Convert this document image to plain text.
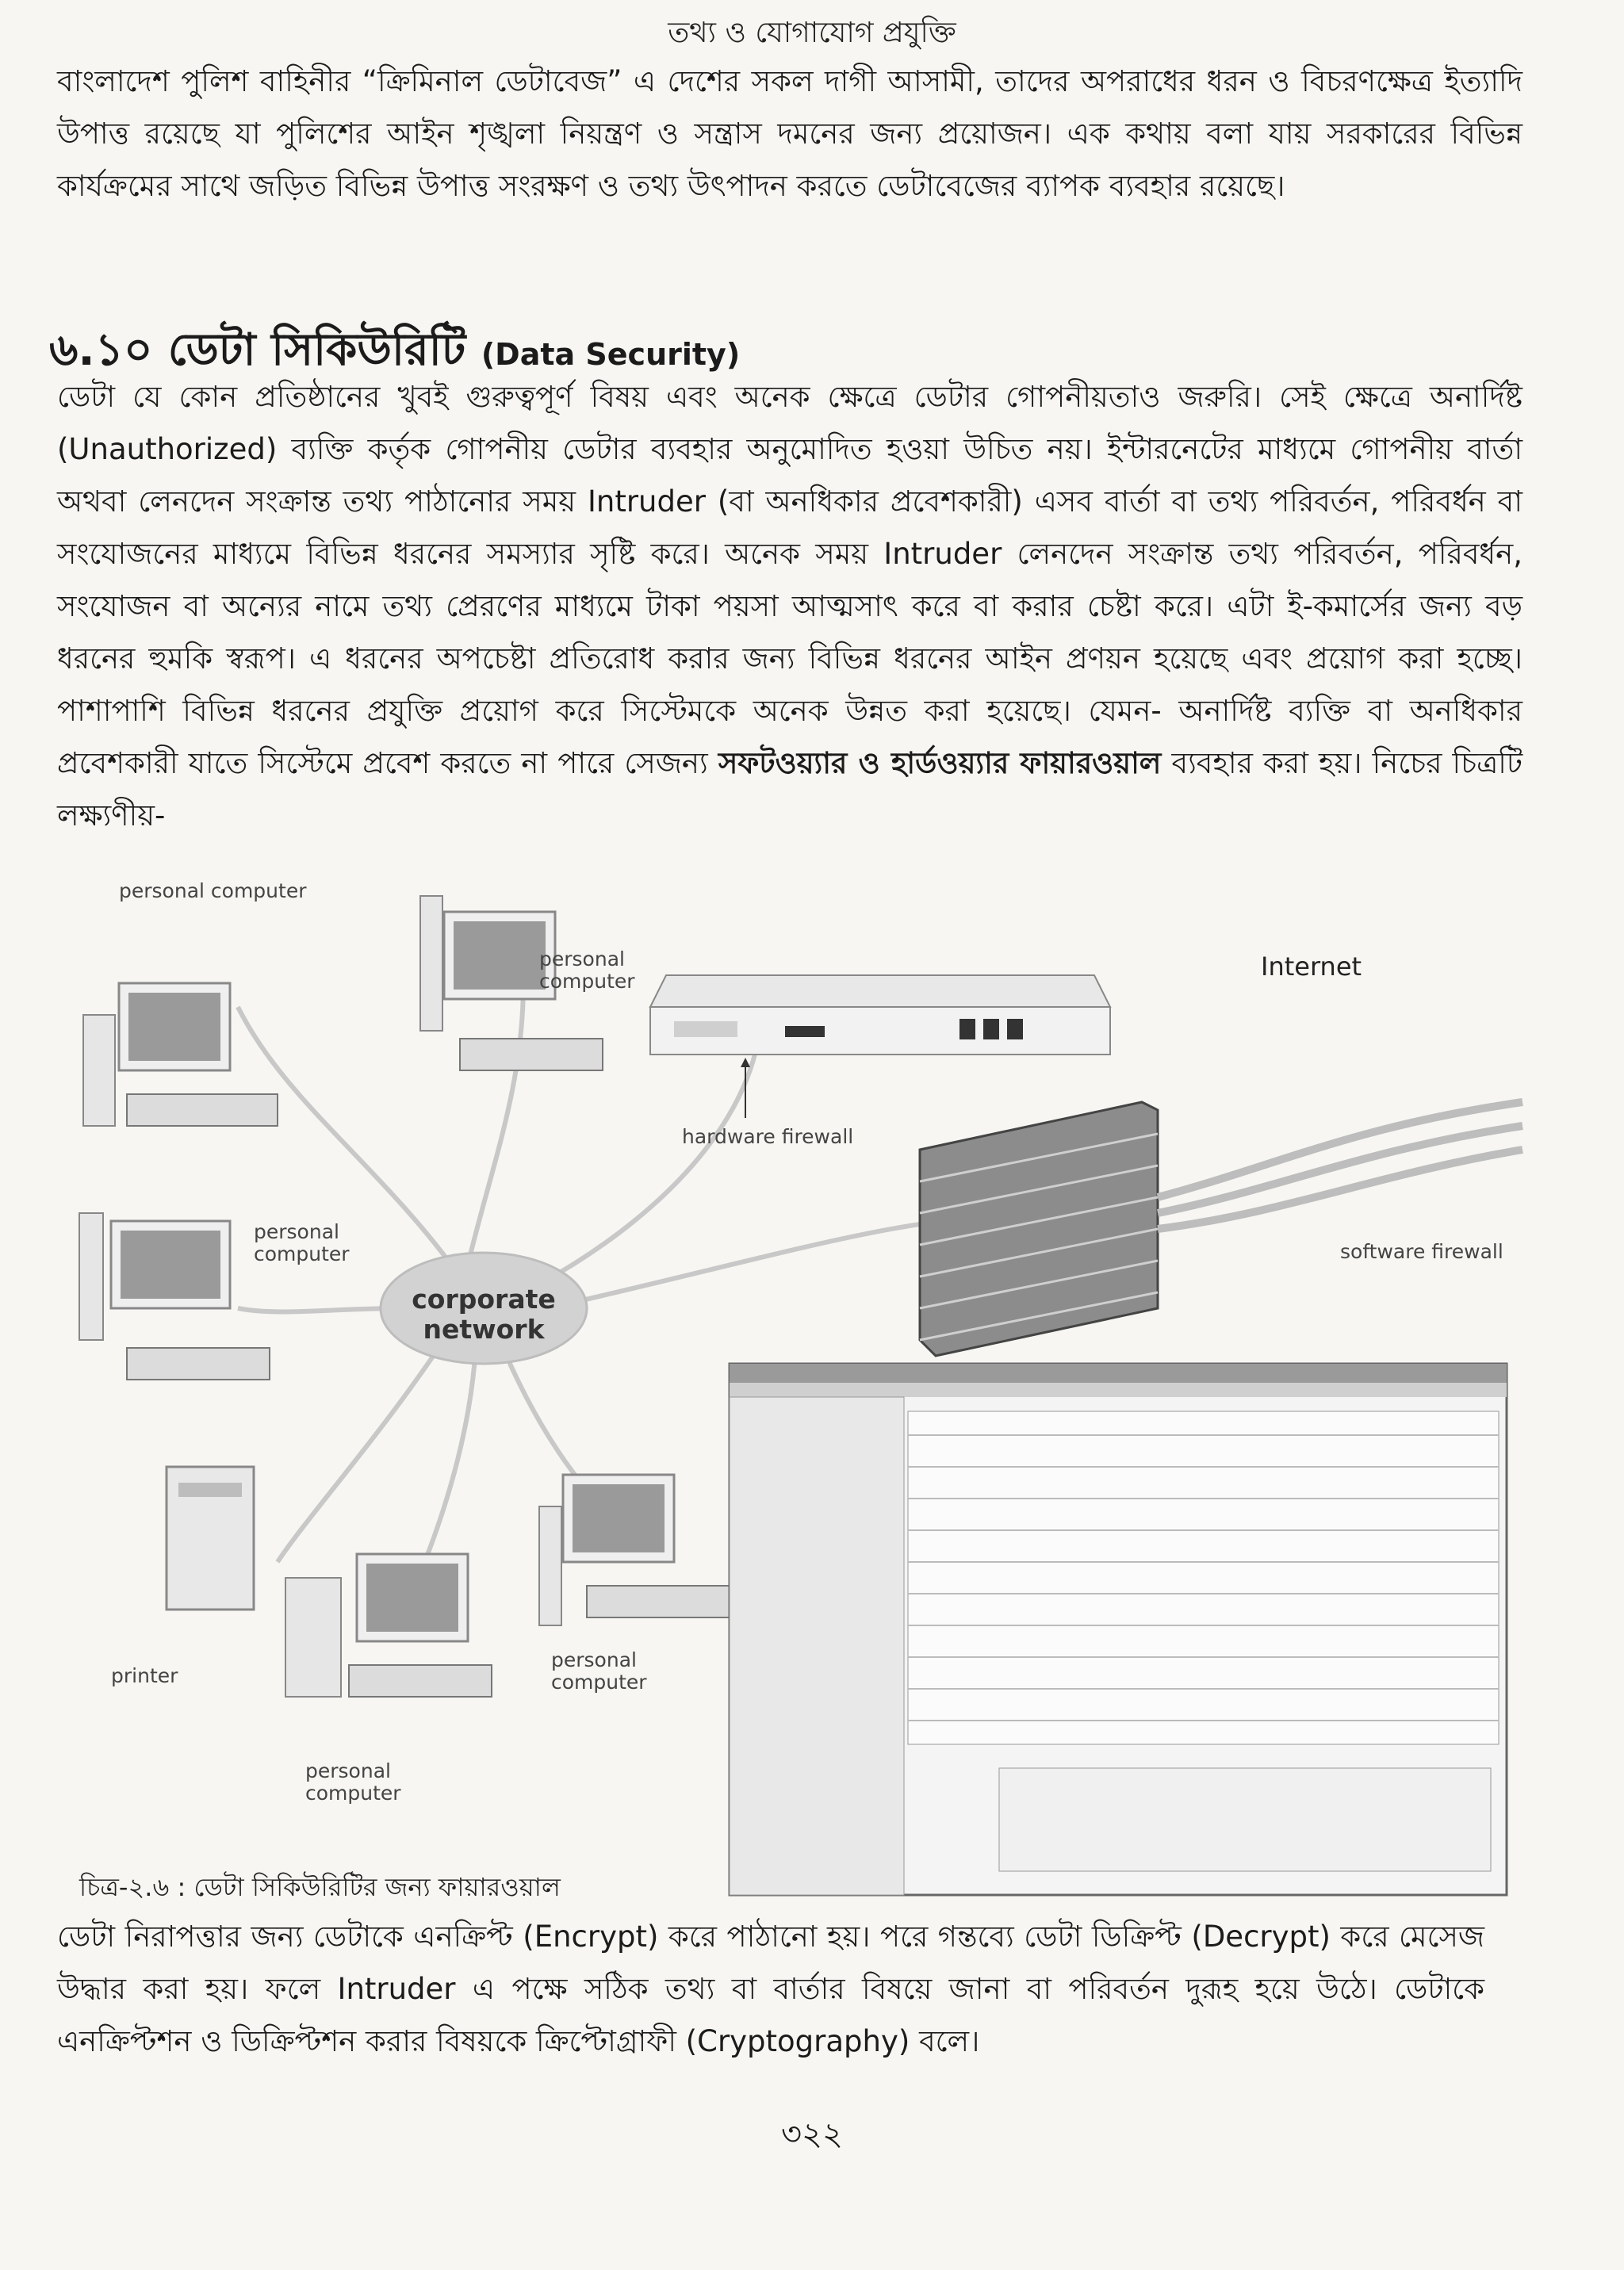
তথ্য ও যোগাযোগ প্রযুক্তি

বাংলাদেশ পুলিশ বাহিনীর “ক্রিমিনাল ডেটাবেজ” এ দেশের সকল দাগী আসামী, তাদের অপরাধের ধরন ও বিচরণক্ষেত্র ইত্যাদি উপাত্ত রয়েছে যা পুলিশের আইন শৃঙ্খলা নিয়ন্ত্রণ ও সন্ত্রাস দমনের জন্য প্রয়োজন। এক কথায় বলা যায় সরকারের বিভিন্ন কার্যক্রমের সাথে জড়িত বিভিন্ন উপাত্ত সংরক্ষণ ও তথ্য উৎপাদন করতে ডেটাবেজের ব্যাপক ব্যবহার রয়েছে।

৬.১০ ডেটা সিকিউরিটি (Data Security)

ডেটা যে কোন প্রতিষ্ঠানের খুবই গুরুত্বপূর্ণ বিষয় এবং অনেক ক্ষেত্রে ডেটার গোপনীয়তাও জরুরি। সেই ক্ষেত্রে অনার্দিষ্ট (Unauthorized) ব্যক্তি কর্তৃক গোপনীয় ডেটার ব্যবহার অনুমোদিত হওয়া উচিত নয়। ইন্টারনেটের মাধ্যমে গোপনীয় বার্তা অথবা লেনদেন সংক্রান্ত তথ্য পাঠানোর সময় Intruder (বা অনধিকার প্রবেশকারী) এসব বার্তা বা তথ্য পরিবর্তন, পরিবর্ধন বা সংযোজনের মাধ্যমে বিভিন্ন ধরনের সমস্যার সৃষ্টি করে। অনেক সময় Intruder লেনদেন সংক্রান্ত তথ্য পরিবর্তন, পরিবর্ধন, সংযোজন বা অন্যের নামে তথ্য প্রেরণের মাধ্যমে টাকা পয়সা আত্মসাৎ করে বা করার চেষ্টা করে। এটা ই-কমার্সের জন্য বড় ধরনের হুমকি স্বরূপ। এ ধরনের অপচেষ্টা প্রতিরোধ করার জন্য বিভিন্ন ধরনের আইন প্রণয়ন হয়েছে এবং প্রয়োগ করা হচ্ছে। পাশাপাশি বিভিন্ন ধরনের প্রযুক্তি প্রয়োগ করে সিস্টেমকে অনেক উন্নত করা হয়েছে। যেমন- অনার্দিষ্ট ব্যক্তি বা অনধিকার প্রবেশকারী যাতে সিস্টেমে প্রবেশ করতে না পারে সেজন্য সফটওয়্যার ও হার্ডওয়্যার ফায়ারওয়াল ব্যবহার করা হয়। নিচের চিত্রটি লক্ষ্যণীয়-

personal computer
personal computer
personal computer
personal computer
personal computer
printer
hardware firewall
Internet
software firewall
corporate network
চিত্র-২.৬ : ডেটা সিকিউরিটির জন্য ফায়ারওয়াল

ডেটা নিরাপত্তার জন্য ডেটাকে এনক্রিপ্ট (Encrypt) করে পাঠানো হয়। পরে গন্তব্যে ডেটা ডিক্রিপ্ট (Decrypt) করে মেসেজ উদ্ধার করা হয়। ফলে Intruder এ পক্ষে সঠিক তথ্য বা বার্তার বিষয়ে জানা বা পরিবর্তন দুরূহ হয়ে উঠে। ডেটাকে এনক্রিপ্টশন ও ডিক্রিপ্টশন করার বিষয়কে ক্রিপ্টোগ্রাফী (Cryptography) বলে।

৩২২
